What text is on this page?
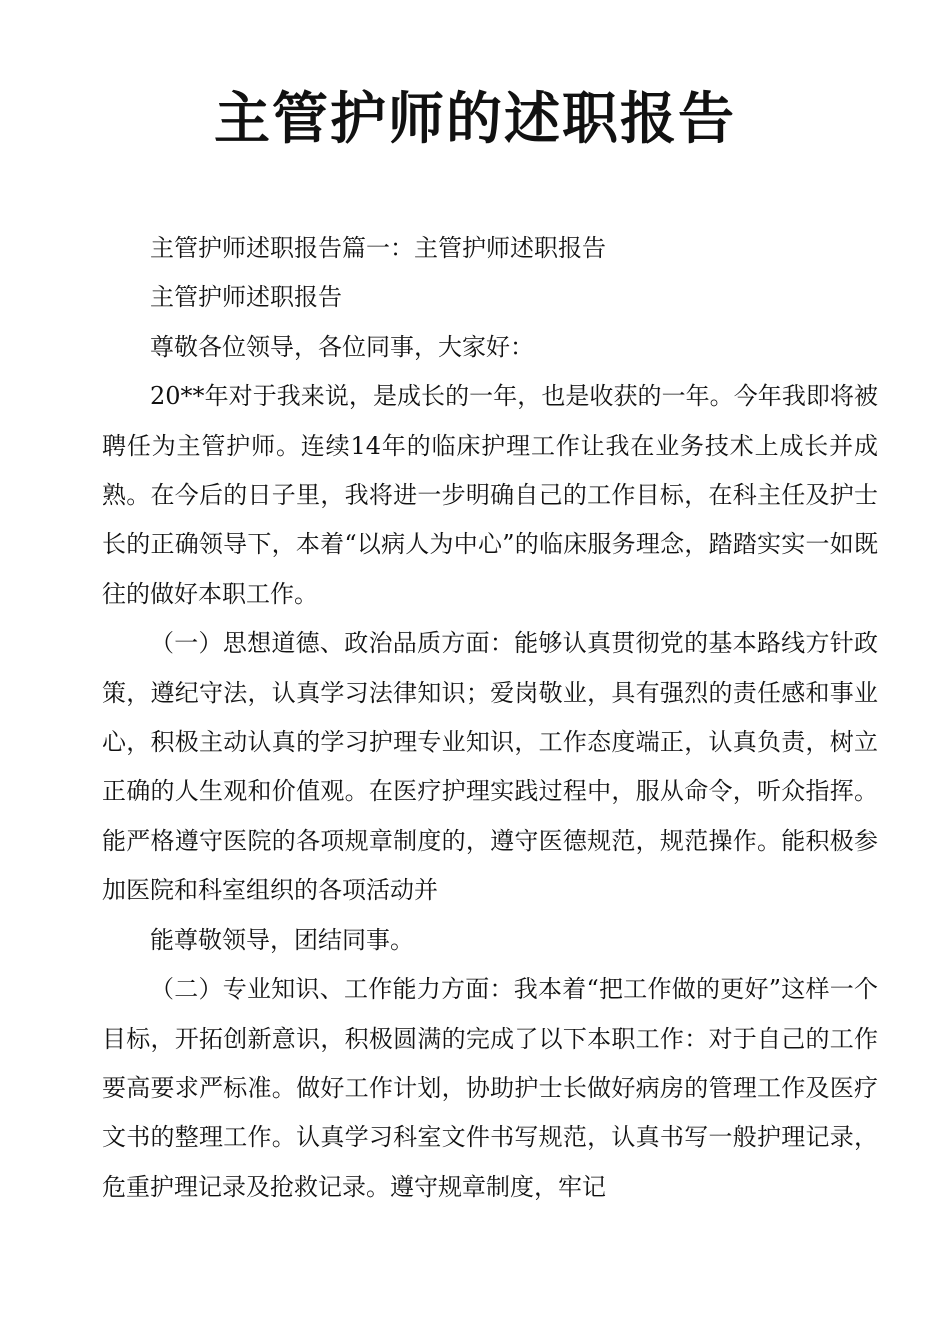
主管护师的述职报告

主管护师述职报告篇一：主管护师述职报告

主管护师述职报告

尊敬各位领导，各位同事，大家好：

20**年对于我来说，是成长的一年，也是收获的一年。今年我即将被聘任为主管护师。连续14年的临床护理工作让我在业务技术上成长并成熟。在今后的日子里，我将进一步明确自己的工作目标，在科主任及护士长的正确领导下，本着“以病人为中心”的临床服务理念，踏踏实实一如既往的做好本职工作。

（一）思想道德、政治品质方面：能够认真贯彻党的基本路线方针政策，遵纪守法，认真学习法律知识；爱岗敬业，具有强烈的责任感和事业心，积极主动认真的学习护理专业知识，工作态度端正，认真负责，树立正确的人生观和价值观。在医疗护理实践过程中，服从命令，听众指挥。能严格遵守医院的各项规章制度的，遵守医德规范，规范操作。能积极参加医院和科室组织的各项活动并

能尊敬领导，团结同事。

（二）专业知识、工作能力方面：我本着“把工作做的更好”这样一个目标，开拓创新意识，积极圆满的完成了以下本职工作：对于自己的工作要高要求严标准。做好工作计划，协助护士长做好病房的管理工作及医疗文书的整理工作。认真学习科室文件书写规范，认真书写一般护理记录，危重护理记录及抢救记录。遵守规章制度，牢记
